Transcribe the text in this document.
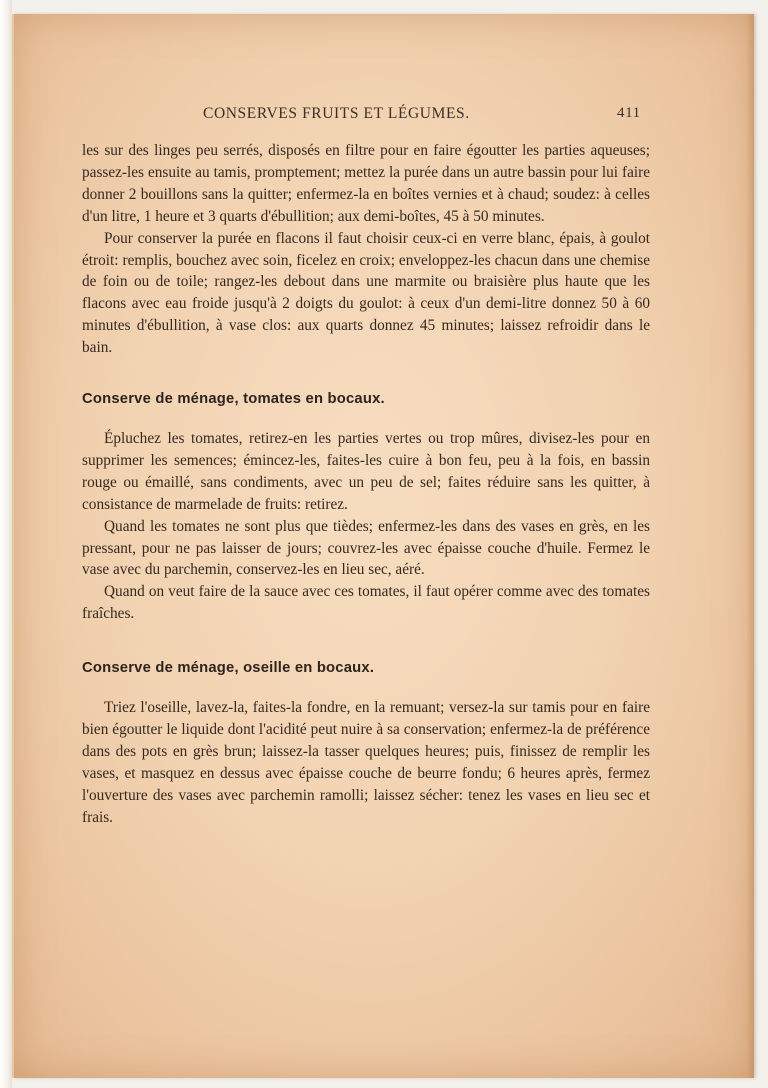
CONSERVES FRUITS ET LÉGUMES.	411

les sur des linges peu serrés, disposés en filtre pour en faire égoutter les parties aqueuses; passez-les ensuite au tamis, promptement; mettez la purée dans un autre bassin pour lui faire donner 2 bouillons sans la quitter; enfermez-la en boîtes vernies et à chaud; soudez: à celles d'un litre, 1 heure et 3 quarts d'ébullition; aux demi-boîtes, 45 à 50 minutes.

Pour conserver la purée en flacons il faut choisir ceux-ci en verre blanc, épais, à goulot étroit: remplis, bouchez avec soin, ficelez en croix; enveloppez-les chacun dans une chemise de foin ou de toile; rangez-les debout dans une marmite ou braisière plus haute que les flacons avec eau froide jusqu'à 2 doigts du goulot: à ceux d'un demi-litre donnez 50 à 60 minutes d'ébullition, à vase clos: aux quarts donnez 45 minutes; laissez refroidir dans le bain.

Conserve de ménage, tomates en bocaux.

Épluchez les tomates, retirez-en les parties vertes ou trop mûres, divisez-les pour en supprimer les semences; émincez-les, faites-les cuire à bon feu, peu à la fois, en bassin rouge ou émaillé, sans condiments, avec un peu de sel; faites réduire sans les quitter, à consistance de marmelade de fruits: retirez.

Quand les tomates ne sont plus que tièdes; enfermez-les dans des vases en grès, en les pressant, pour ne pas laisser de jours; couvrez-les avec épaisse couche d'huile. Fermez le vase avec du parchemin, conservez-les en lieu sec, aéré.

Quand on veut faire de la sauce avec ces tomates, il faut opérer comme avec des tomates fraîches.

Conserve de ménage, oseille en bocaux.

Triez l'oseille, lavez-la, faites-la fondre, en la remuant; versez-la sur tamis pour en faire bien égoutter le liquide dont l'acidité peut nuire à sa conservation; enfermez-la de préférence dans des pots en grès brun; laissez-la tasser quelques heures; puis, finissez de remplir les vases, et masquez en dessus avec épaisse couche de beurre fondu; 6 heures après, fermez l'ouverture des vases avec parchemin ramolli; laissez sécher: tenez les vases en lieu sec et frais.
